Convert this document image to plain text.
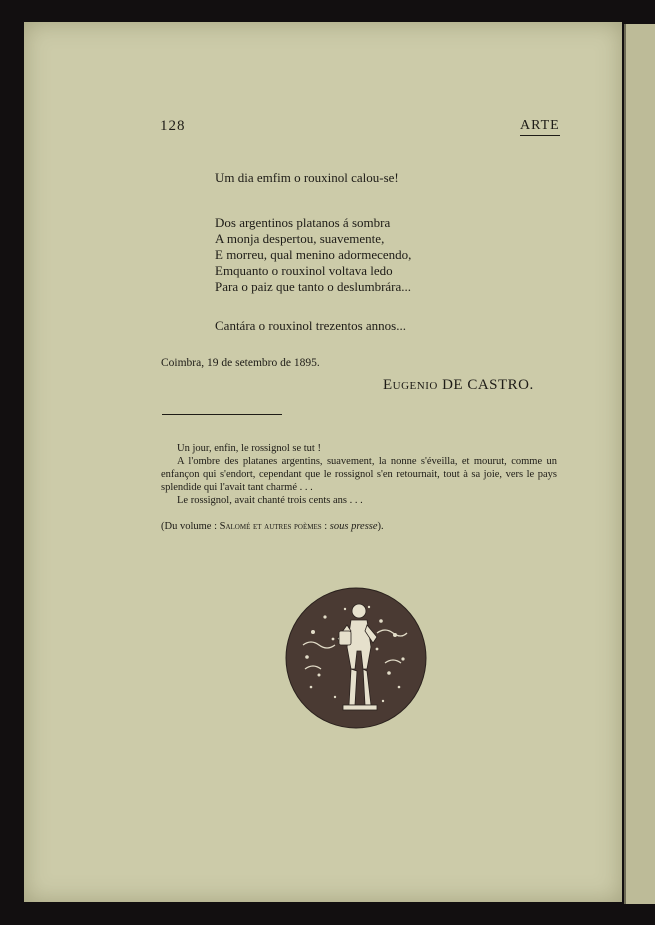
128	ARTE
Um dia emfim o rouxinol calou-se!
Dos argentinos platanos á sombra
A monja despertou, suavemente,
E morreu, qual menino adormecendo,
Emquanto o rouxinol voltava ledo
Para o paiz que tanto o deslumbrára...
Cantára o rouxinol trezentos annos...
Coimbra, 19 de setembro de 1895.
Eugenio DE CASTRO.

Un jour, enfin, le rossignol se tut !

A l'ombre des platanes argentins, suavement, la nonne s'éveilla, et mourut, comme un enfançon qui s'endort, cependant que le rossignol s'en retournait, tout à sa joie, vers le pays splendide qui l'avait tant charmé . . .

Le rossignol, avait chanté trois cents ans . . .

(Du volume : Salomé et autres poèmes : sous presse).
